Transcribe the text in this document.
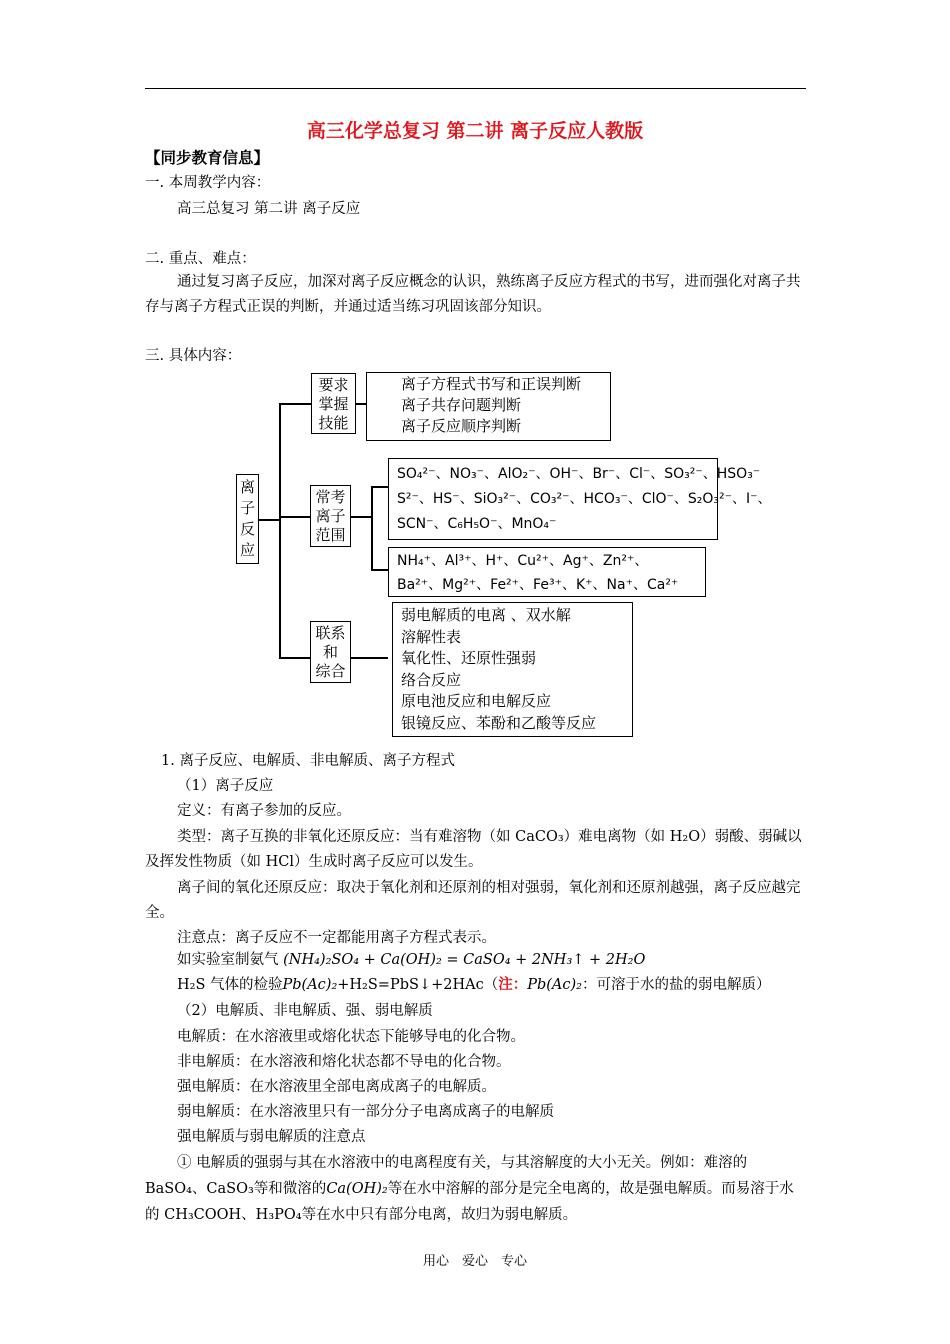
高三化学总复习 第二讲 离子反应人教版
【同步教育信息】
一. 本周教学内容：
高三总复习 第二讲 离子反应
二. 重点、难点：
通过复习离子反应，加深对离子反应概念的认识，熟练离子反应方程式的书写，进而强化对离子共存与离子方程式正误的判断，并通过适当练习巩固该部分知识。
三. 具体内容：
离
子
反
应
要求
掌握
技能
离子方程式书写和正误判断
离子共存问题判断
离子反应顺序判断
常考
离子
范围
SO₄²⁻、NO₃⁻、AlO₂⁻、OH⁻、Br⁻、Cl⁻、SO₃²⁻、HSO₃⁻
S²⁻、HS⁻、SiO₃²⁻、CO₃²⁻、HCO₃⁻、ClO⁻、S₂O₃²⁻、I⁻、
SCN⁻、C₆H₅O⁻、MnO₄⁻
NH₄⁺、Al³⁺、H⁺、Cu²⁺、Ag⁺、Zn²⁺、
Ba²⁺、Mg²⁺、Fe²⁺、Fe³⁺、K⁺、Na⁺、Ca²⁺
联系
和
综合
弱电解质的电离 、双水解
溶解性表
氧化性、还原性强弱
络合反应
原电池反应和电解反应
银镜反应、苯酚和乙酸等反应
1. 离子反应、电解质、非电解质、离子方程式
（1）离子反应
定义：有离子参加的反应。
类型：离子互换的非氧化还原反应：当有难溶物（如 CaCO₃）难电离物（如 H₂O）弱酸、弱碱以及挥发性物质（如 HCl）生成时离子反应可以发生。
离子间的氧化还原反应：取决于氧化剂和还原剂的相对强弱，氧化剂和还原剂越强，离子反应越完全。
注意点：离子反应不一定都能用离子方程式表示。
如实验室制氨气 (NH₄)₂SO₄ + Ca(OH)₂ = CaSO₄ + 2NH₃↑ + 2H₂O
H₂S 气体的检验Pb(Ac)₂+H₂S=PbS↓+2HAc（注：Pb(Ac)₂：可溶于水的盐的弱电解质）
（2）电解质、非电解质、强、弱电解质
电解质：在水溶液里或熔化状态下能够导电的化合物。
非电解质：在水溶液和熔化状态都不导电的化合物。
强电解质：在水溶液里全部电离成离子的电解质。
弱电解质：在水溶液里只有一部分分子电离成离子的电解质
强电解质与弱电解质的注意点
① 电解质的强弱与其在水溶液中的电离程度有关，与其溶解度的大小无关。例如：难溶的 BaSO₄、CaSO₃等和微溶的Ca(OH)₂等在水中溶解的部分是完全电离的，故是强电解质。而易溶于水的 CH₃COOH、H₃PO₄等在水中只有部分电离，故归为弱电解质。
用心　爱心　专心
